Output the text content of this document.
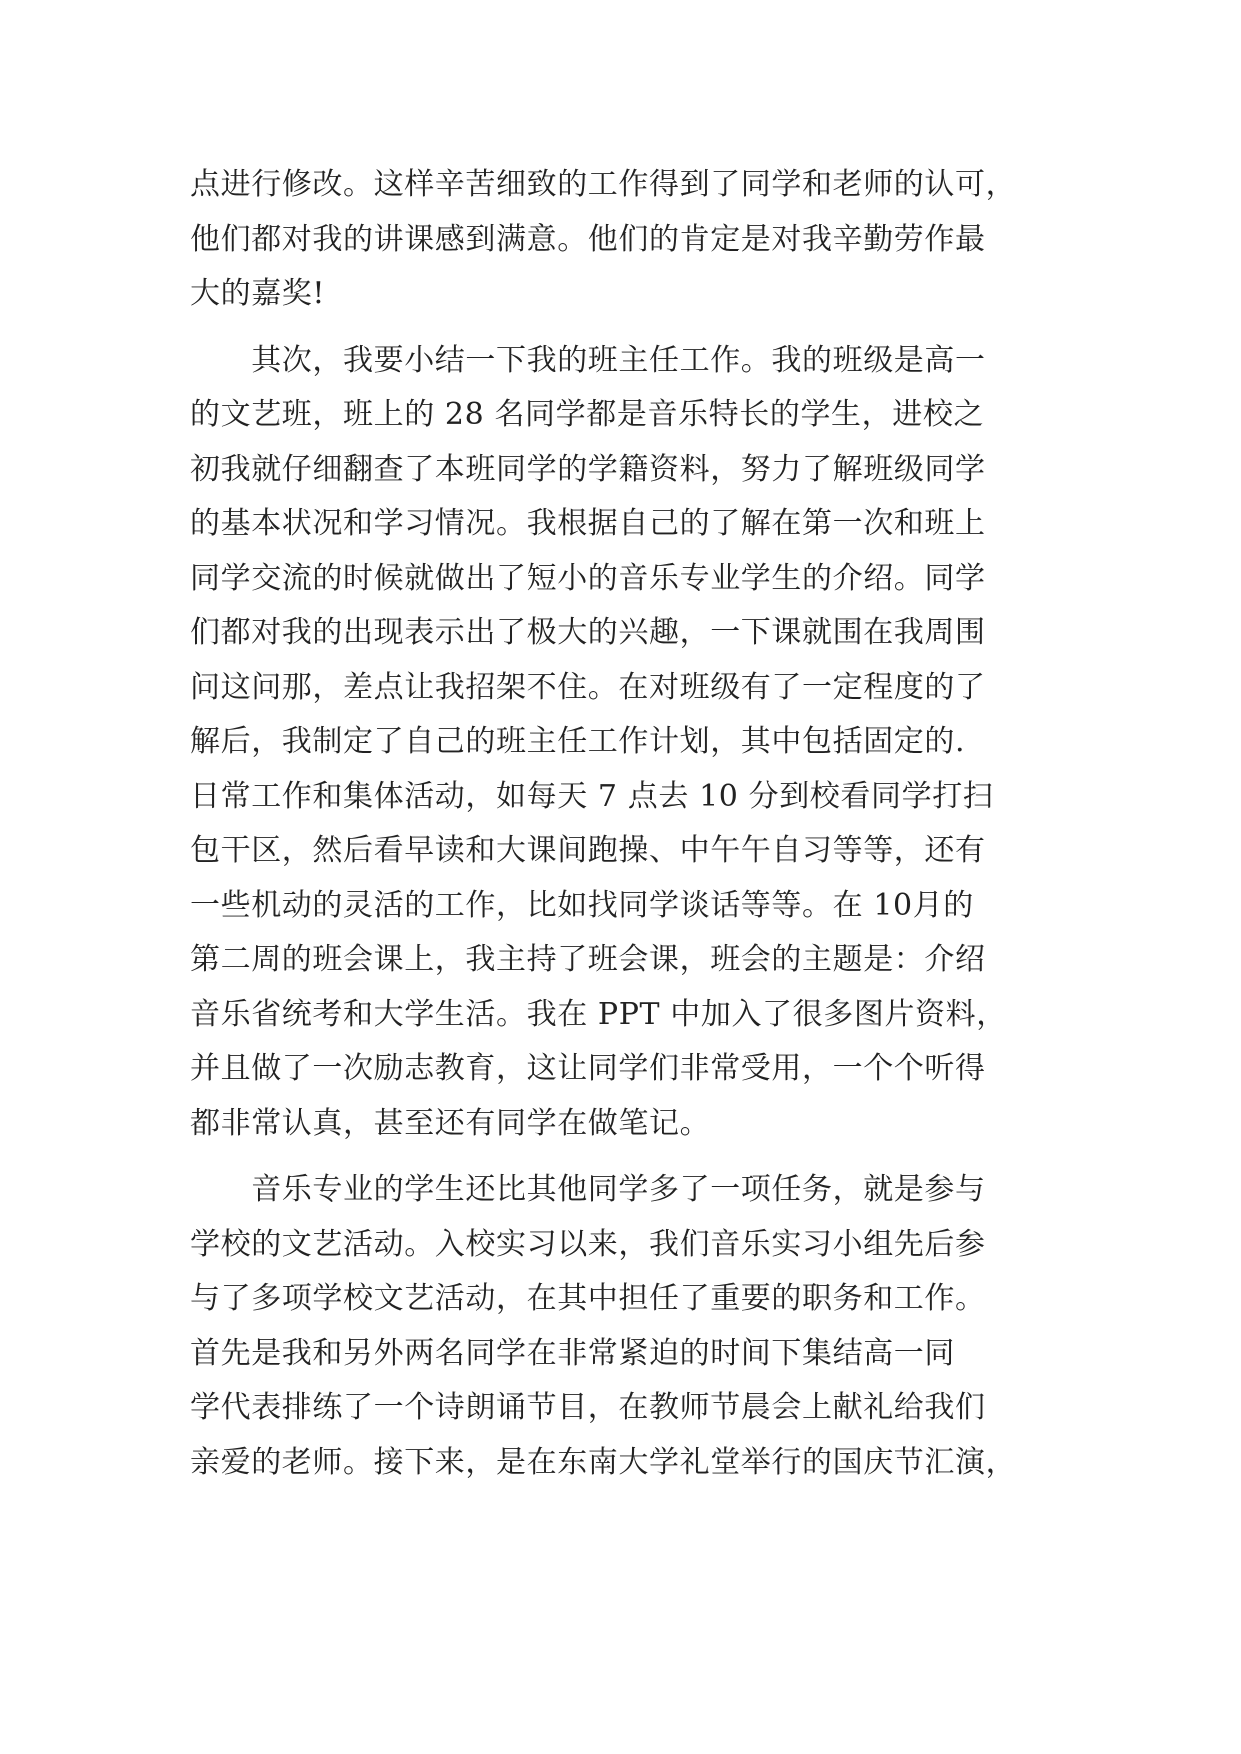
点进行修改。这样辛苦细致的工作得到了同学和老师的认可，
他们都对我的讲课感到满意。他们的肯定是对我辛勤劳作最
大的嘉奖!
　　其次，我要小结一下我的班主任工作。我的班级是高一
的文艺班，班上的 28 名同学都是音乐特长的学生，进校之
初我就仔细翻查了本班同学的学籍资料，努力了解班级同学
的基本状况和学习情况。我根据自己的了解在第一次和班上
同学交流的时候就做出了短小的音乐专业学生的介绍。同学
们都对我的出现表示出了极大的兴趣，一下课就围在我周围
问这问那，差点让我招架不住。在对班级有了一定程度的了
解后，我制定了自己的班主任工作计划，其中包括固定的.
日常工作和集体活动，如每天 7 点去 10 分到校看同学打扫
包干区，然后看早读和大课间跑操、中午午自习等等，还有
一些机动的灵活的工作，比如找同学谈话等等。在 10月的
第二周的班会课上，我主持了班会课，班会的主题是：介绍
音乐省统考和大学生活。我在 PPT 中加入了很多图片资料，
并且做了一次励志教育，这让同学们非常受用，一个个听得
都非常认真，甚至还有同学在做笔记。
　　音乐专业的学生还比其他同学多了一项任务，就是参与
学校的文艺活动。入校实习以来，我们音乐实习小组先后参
与了多项学校文艺活动，在其中担任了重要的职务和工作。
首先是我和另外两名同学在非常紧迫的时间下集结高一同
学代表排练了一个诗朗诵节目，在教师节晨会上献礼给我们
亲爱的老师。接下来，是在东南大学礼堂举行的国庆节汇演，
